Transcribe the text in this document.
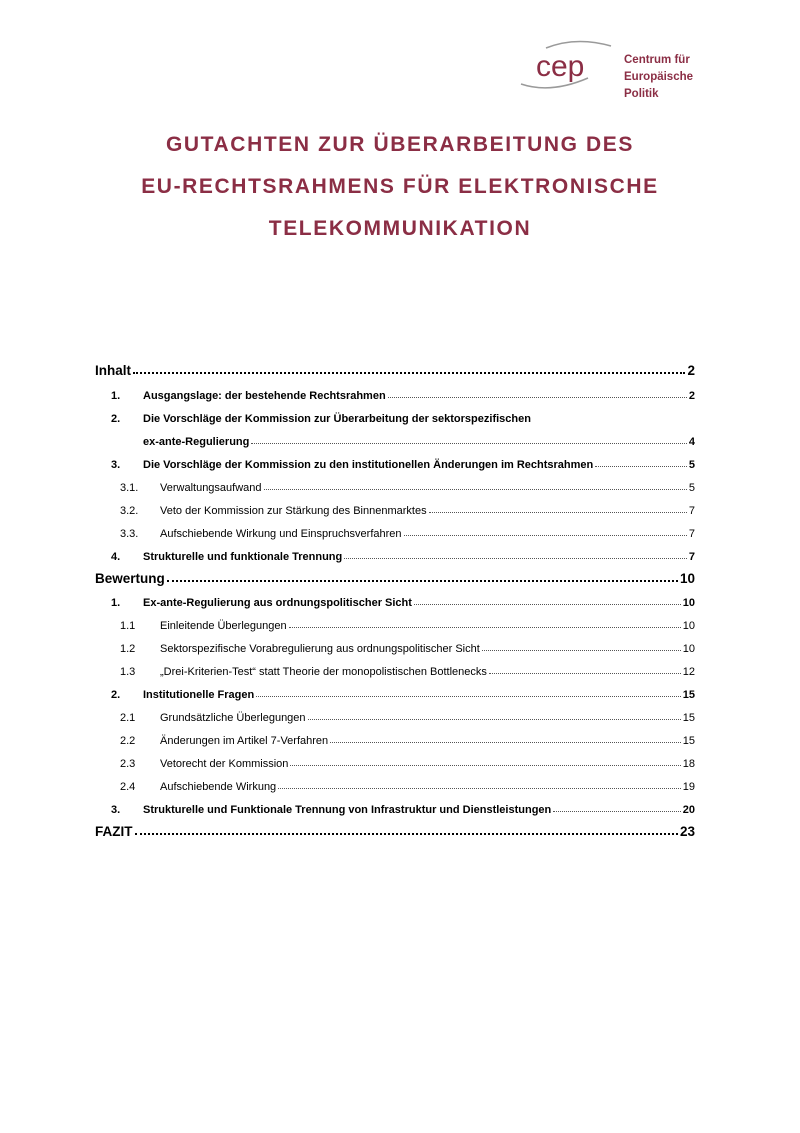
cep	Centrum für
Europäische
Politik
GUTACHTEN ZUR ÜBERARBEITUNG DES
EU-RECHTSRAHMENS FÜR ELEKTRONISCHE
TELEKOMMUNIKATION
Inhalt	2
1.	Ausgangslage: der bestehende Rechtsrahmen	2
2.	Die Vorschläge der Kommission zur Überarbeitung der sektorspezifischen
ex-ante-Regulierung	4
3.	Die Vorschläge der Kommission zu den institutionellen Änderungen im Rechtsrahmen	5
3.1.	Verwaltungsaufwand	5
3.2.	Veto der Kommission zur Stärkung des Binnenmarktes	7
3.3.	Aufschiebende Wirkung und Einspruchsverfahren	7
4.	Strukturelle und funktionale Trennung	7
Bewertung	10
1.	Ex-ante-Regulierung aus ordnungspolitischer Sicht	10
1.1	Einleitende Überlegungen	10
1.2	Sektorspezifische Vorabregulierung aus ordnungspolitischer Sicht	10
1.3	„Drei-Kriterien-Test“ statt Theorie der monopolistischen Bottlenecks	12
2.	Institutionelle Fragen	15
2.1	Grundsätzliche Überlegungen	15
2.2	Änderungen im Artikel 7-Verfahren	15
2.3	Vetorecht der Kommission	18
2.4	Aufschiebende Wirkung	19
3.	Strukturelle und Funktionale Trennung von Infrastruktur und Dienstleistungen	20
FAZIT	23
